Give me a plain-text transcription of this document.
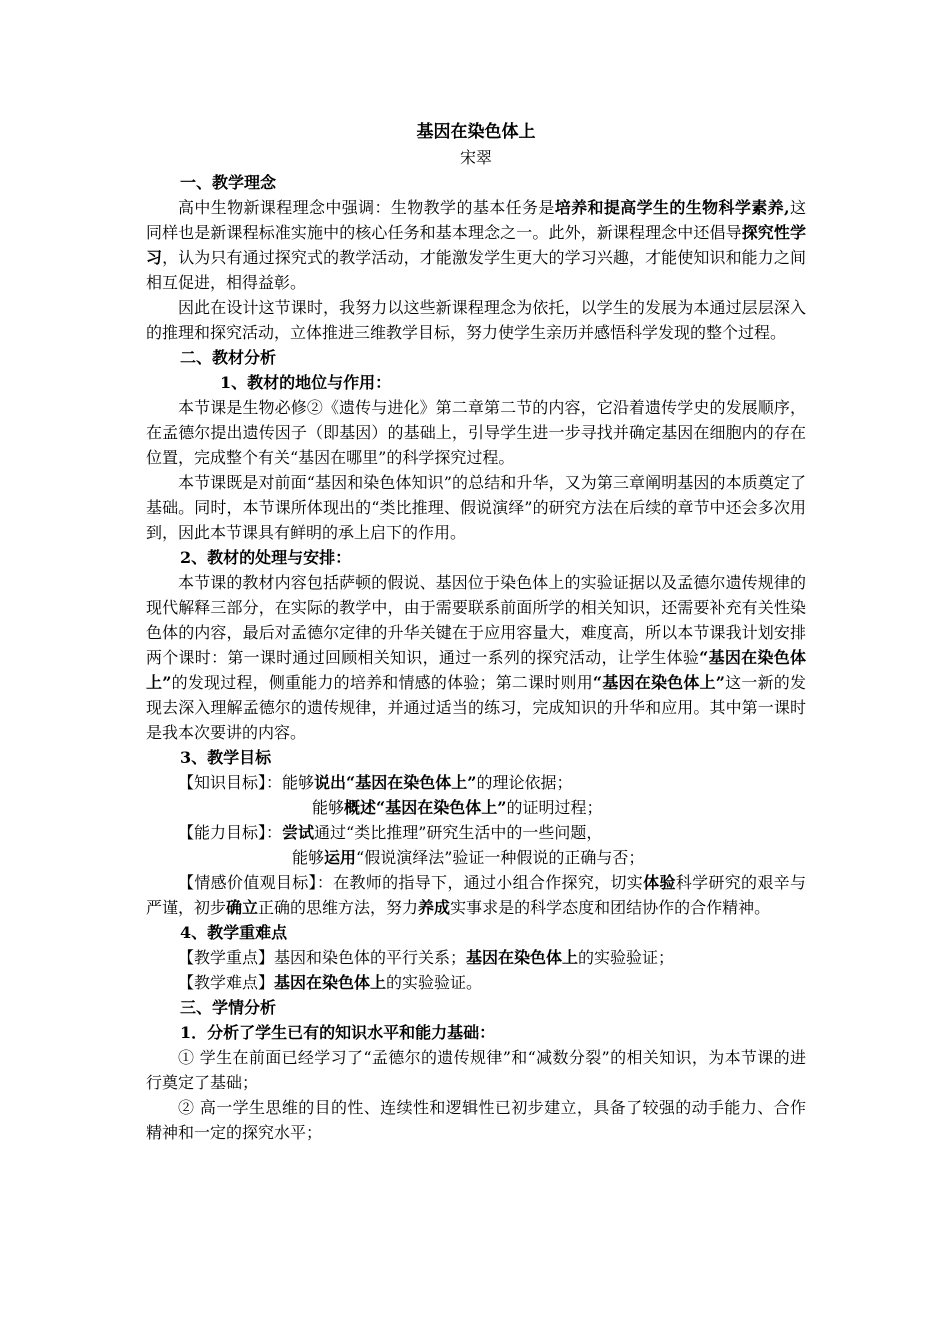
基因在染色体上
宋翠
一、教学理念

高中生物新课程理念中强调：生物教学的基本任务是培养和提高学生的生物科学素养,这同样也是新课程标准实施中的核心任务和基本理念之一。此外，新课程理念中还倡导探究性学习，认为只有通过探究式的教学活动，才能激发学生更大的学习兴趣，才能使知识和能力之间相互促进，相得益彰。

因此在设计这节课时，我努力以这些新课程理念为依托，以学生的发展为本通过层层深入的推理和探究活动，立体推进三维教学目标，努力使学生亲历并感悟科学发现的整个过程。

二、教材分析
1、教材的地位与作用：

本节课是生物必修②《遗传与进化》第二章第二节的内容，它沿着遗传学史的发展顺序，在孟德尔提出遗传因子（即基因）的基础上，引导学生进一步寻找并确定基因在细胞内的存在位置，完成整个有关“基因在哪里”的科学探究过程。

本节课既是对前面“基因和染色体知识”的总结和升华，又为第三章阐明基因的本质奠定了基础。同时，本节课所体现出的“类比推理、假说演绎”的研究方法在后续的章节中还会多次用到，因此本节课具有鲜明的承上启下的作用。

2、教材的处理与安排：

本节课的教材内容包括萨顿的假说、基因位于染色体上的实验证据以及孟德尔遗传规律的现代解释三部分，在实际的教学中，由于需要联系前面所学的相关知识，还需要补充有关性染色体的内容，最后对孟德尔定律的升华关键在于应用容量大，难度高，所以本节课我计划安排两个课时：第一课时通过回顾相关知识，通过一系列的探究活动，让学生体验“基因在染色体上”的发现过程，侧重能力的培养和情感的体验；第二课时则用“基因在染色体上”这一新的发现去深入理解孟德尔的遗传规律，并通过适当的练习，完成知识的升华和应用。其中第一课时是我本次要讲的内容。

3、教学目标

【知识目标】：能够说出“基因在染色体上”的理论依据；

能够概述“基因在染色体上”的证明过程；

【能力目标】：尝试通过“类比推理”研究生活中的一些问题，

能够运用“假说演绎法”验证一种假说的正确与否；

【情感价值观目标】：在教师的指导下，通过小组合作探究，切实体验科学研究的艰辛与严谨，初步确立正确的思维方法，努力养成实事求是的科学态度和团结协作的合作精神。

4、教学重难点

【教学重点】基因和染色体的平行关系；基因在染色体上的实验验证；

【教学难点】基因在染色体上的实验验证。

三、学情分析
1．分析了学生已有的知识水平和能力基础：

① 学生在前面已经学习了“孟德尔的遗传规律”和“减数分裂”的相关知识，为本节课的进行奠定了基础；

② 高一学生思维的目的性、连续性和逻辑性已初步建立，具备了较强的动手能力、合作精神和一定的探究水平；
